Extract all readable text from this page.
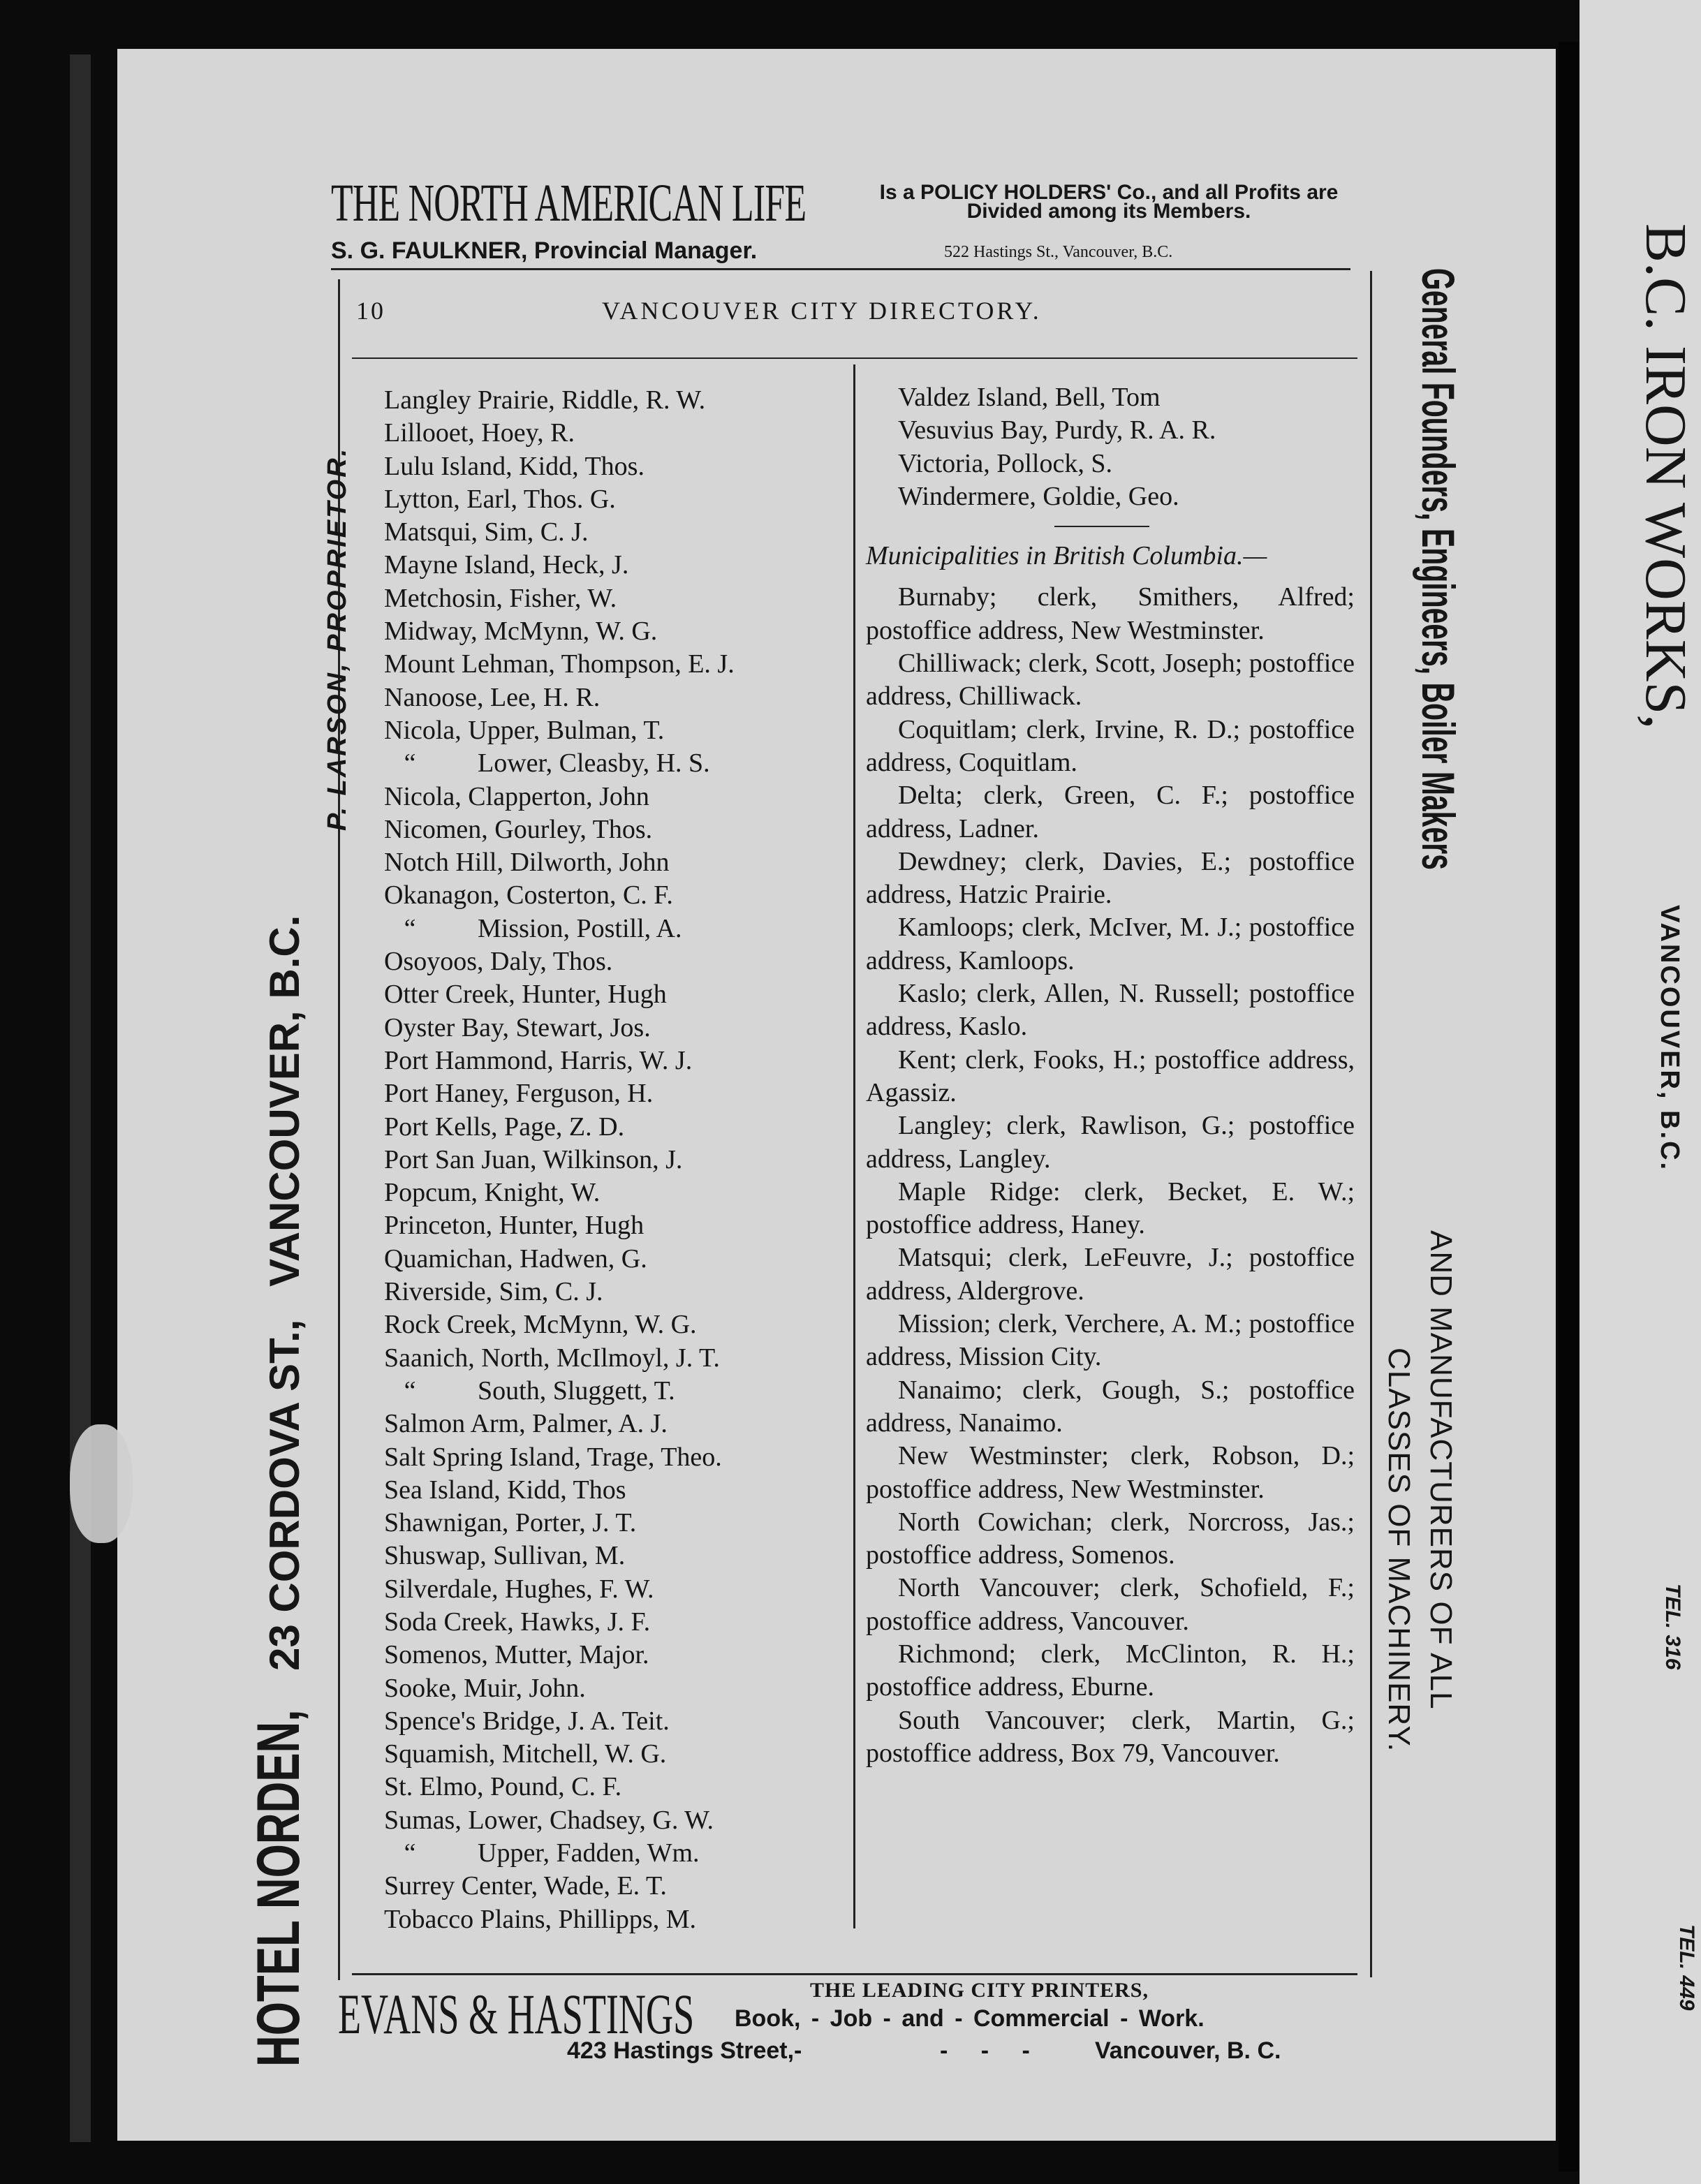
THE NORTH AMERICAN LIFE	Is a POLICY HOLDERS' Co., and all Profits are Divided among its Members.
S. G. FAULKNER, Provincial Manager.	522 Hastings St., Vancouver, B.C.
10	VANCOUVER CITY DIRECTORY.
Langley Prairie, Riddle, R. W.
Lillooet, Hoey, R.
Lulu Island, Kidd, Thos.
Lytton, Earl, Thos. G.
Matsqui, Sim, C. J.
Mayne Island, Heck, J.
Metchosin, Fisher, W.
Midway, McMynn, W. G.
Mount Lehman, Thompson, E. J.
Nanoose, Lee, H. R.
Nicola, Upper, Bulman, T.
“ Lower, Cleasby, H. S.
Nicola, Clapperton, John
Nicomen, Gourley, Thos.
Notch Hill, Dilworth, John
Okanagon, Costerton, C. F.
“ Mission, Postill, A.
Osoyoos, Daly, Thos.
Otter Creek, Hunter, Hugh
Oyster Bay, Stewart, Jos.
Port Hammond, Harris, W. J.
Port Haney, Ferguson, H.
Port Kells, Page, Z. D.
Port San Juan, Wilkinson, J.
Popcum, Knight, W.
Princeton, Hunter, Hugh
Quamichan, Hadwen, G.
Riverside, Sim, C. J.
Rock Creek, McMynn, W. G.
Saanich, North, McIlmoyl, J. T.
“ South, Sluggett, T.
Salmon Arm, Palmer, A. J.
Salt Spring Island, Trage, Theo.
Sea Island, Kidd, Thos
Shawnigan, Porter, J. T.
Shuswap, Sullivan, M.
Silverdale, Hughes, F. W.
Soda Creek, Hawks, J. F.
Somenos, Mutter, Major.
Sooke, Muir, John.
Spence's Bridge, J. A. Teit.
Squamish, Mitchell, W. G.
St. Elmo, Pound, C. F.
Sumas, Lower, Chadsey, G. W.
“ Upper, Fadden, Wm.
Surrey Center, Wade, E. T.
Tobacco Plains, Phillipps, M.
Valdez Island, Bell, Tom
Vesuvius Bay, Purdy, R. A. R.
Victoria, Pollock, S.
Windermere, Goldie, Geo.
Municipalities in British Columbia.—
Burnaby; clerk, Smithers, Alfred; postoffice address, New Westminster.
Chilliwack; clerk, Scott, Joseph; postoffice address, Chilliwack.
Coquitlam; clerk, Irvine, R. D.; postoffice address, Coquitlam.
Delta; clerk, Green, C. F.; postoffice address, Ladner.
Dewdney; clerk, Davies, E.; postoffice address, Hatzic Prairie.
Kamloops; clerk, McIver, M. J.; postoffice address, Kamloops.
Kaslo; clerk, Allen, N. Russell; postoffice address, Kaslo.
Kent; clerk, Fooks, H.; postoffice address, Agassiz.
Langley; clerk, Rawlison, G.; postoffice address, Langley.
Maple Ridge: clerk, Becket, E. W.; postoffice address, Haney.
Matsqui; clerk, LeFeuvre, J.; postoffice address, Aldergrove.
Mission; clerk, Verchere, A. M.; postoffice address, Mission City.
Nanaimo; clerk, Gough, S.; postoffice address, Nanaimo.
New Westminster; clerk, Robson, D.; postoffice address, New Westminster.
North Cowichan; clerk, Norcross, Jas.; postoffice address, Somenos.
North Vancouver; clerk, Schofield, F.; postoffice address, Vancouver.
Richmond; clerk, McClinton, R. H.; postoffice address, Eburne.
South Vancouver; clerk, Martin, G.; postoffice address, Box 79, Vancouver.
HOTEL NORDEN, 23 CORDOVA ST., VANCOUVER, B.C.
P. LARSON, PROPRIETOR.	General Founders, Engineers, Boiler Makers
AND MANUFACTURERS OF ALL
CLASSES OF MACHINERY.
B.C. IRON WORKS,
VANCOUVER, B.C.
TEL. 316
TEL. 449
EVANS & HASTINGS	THE LEADING CITY PRINTERS,
Book, - Job - and - Commercial - Work.
423 Hastings Street,-	- - -	Vancouver, B. C.
